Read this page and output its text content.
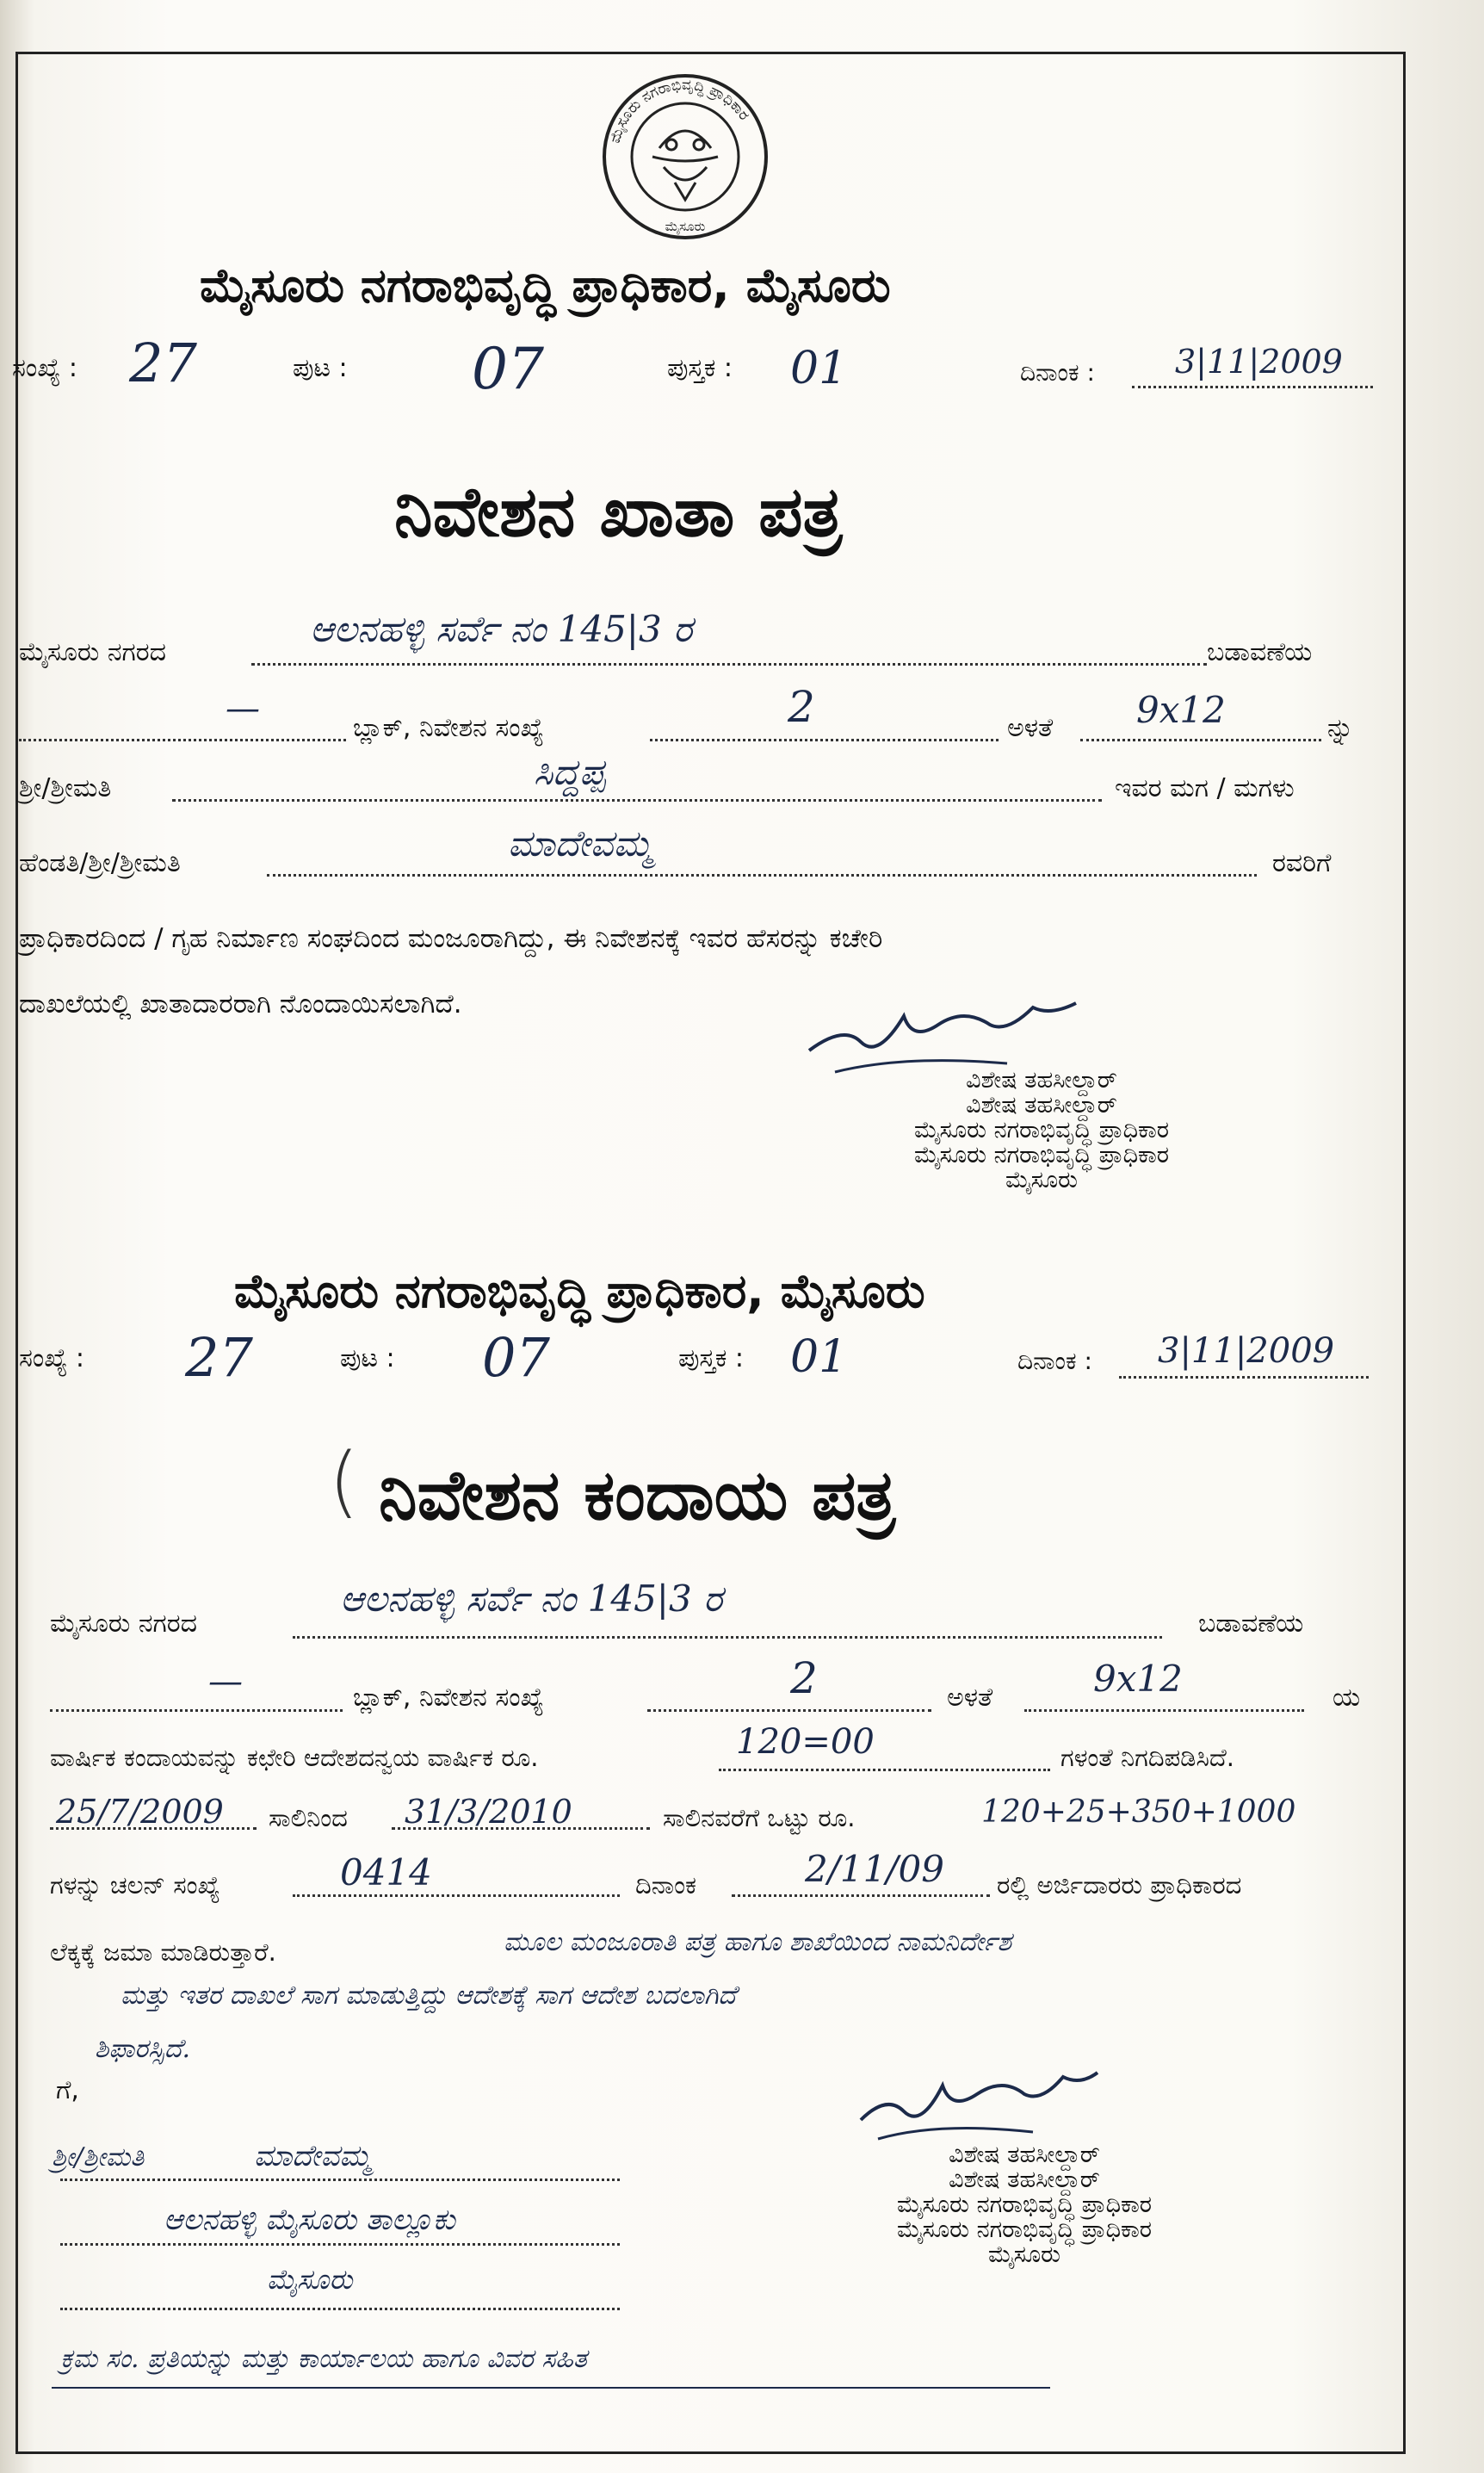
ಮೈಸೂರು ನಗರಾಭಿವೃದ್ಧಿ ಪ್ರಾಧಿಕಾರ
ಮೈಸೂರು
ಮೈಸೂರು ನಗರಾಭಿವೃದ್ಧಿ ಪ್ರಾಧಿಕಾರ, ಮೈಸೂರು
ಸಂಖ್ಯೆ : 27	ಪುಟ : 07	ಪುಸ್ತಕ : 01	ದಿನಾಂಕ : 3|11|2009
ನಿವೇಶನ ಖಾತಾ ಪತ್ರ
ಮೈಸೂರು ನಗರದ
ಆಲನಹಳ್ಳಿ ಸರ್ವೆ ನಂ 145|3 ರ
ಬಡಾವಣೆಯ
—	ಬ್ಲಾಕ್, ನಿವೇಶನ ಸಂಖ್ಯೆ	2	ಅಳತೆ 9x12	ನ್ನು
ಶ್ರೀ/ಶ್ರೀಮತಿ	ಸಿದ್ದಪ್ಪ	ಇವರ ಮಗ / ಮಗಳು
ಹೆಂಡತಿ/ಶ್ರೀ/ಶ್ರೀಮತಿ	ಮಾದೇವಮ್ಮ	ರವರಿಗೆ
ಪ್ರಾಧಿಕಾರದಿಂದ / ಗೃಹ ನಿರ್ಮಾಣ ಸಂಘದಿಂದ ಮಂಜೂರಾಗಿದ್ದು, ಈ ನಿವೇಶನಕ್ಕೆ ಇವರ ಹೆಸರನ್ನು ಕಚೇರಿ
ದಾಖಲೆಯಲ್ಲಿ ಖಾತಾದಾರರಾಗಿ ನೊಂದಾಯಿಸಲಾಗಿದೆ.
ವಿಶೇಷ ತಹಸೀಲ್ದಾರ್
ವಿಶೇಷ ತಹಸೀಲ್ದಾರ್
ಮೈಸೂರು ನಗರಾಭಿವೃದ್ಧಿ ಪ್ರಾಧಿಕಾರ
ಮೈಸೂರು ನಗರಾಭಿವೃದ್ಧಿ ಪ್ರಾಧಿಕಾರ
ಮೈಸೂರು
ಮೈಸೂರು ನಗರಾಭಿವೃದ್ಧಿ ಪ್ರಾಧಿಕಾರ, ಮೈಸೂರು
ಸಂಖ್ಯೆ : 27	ಪುಟ : 07	ಪುಸ್ತಕ : 01	ದಿನಾಂಕ : 3|11|2009
( ನಿವೇಶನ ಕಂದಾಯ ಪತ್ರ
ಮೈಸೂರು ನಗರದ
ಆಲನಹಳ್ಳಿ ಸರ್ವೆ ನಂ 145|3 ರ
ಬಡಾವಣೆಯ
—	ಬ್ಲಾಕ್, ನಿವೇಶನ ಸಂಖ್ಯೆ	2	ಅಳತೆ	9x12	ಯ
ವಾರ್ಷಿಕ ಕಂದಾಯವನ್ನು ಕಛೇರಿ ಆದೇಶದನ್ವಯ ವಾರ್ಷಿಕ ರೂ.	120=00	ಗಳಂತೆ ನಿಗದಿಪಡಿಸಿದೆ.
25/7/2009 ಸಾಲಿನಿಂದ 31/3/2010	ಸಾಲಿನವರೆಗೆ ಒಟ್ಟು ರೂ.	120+25+350+1000
ಗಳನ್ನು ಚಲನ್ ಸಂಖ್ಯೆ	0414	ದಿನಾಂಕ	2/11/09 ರಲ್ಲಿ ಅರ್ಜಿದಾರರು ಪ್ರಾಧಿಕಾರದ
ಲೆಕ್ಕಕ್ಕೆ ಜಮಾ ಮಾಡಿರುತ್ತಾರೆ.	ಮೂಲ ಮಂಜೂರಾತಿ ಪತ್ರ ಹಾಗೂ ಶಾಖೆಯಿಂದ ನಾಮನಿರ್ದೇಶ
ಮತ್ತು ಇತರ ದಾಖಲೆ ಸಾಗ ಮಾಡುತ್ತಿದ್ದು ಆದೇಶಕ್ಕೆ ಸಾಗ ಆದೇಶ ಬದಲಾಗಿದೆ
ಶಿಫಾರಸ್ಸಿದೆ.
ಗೆ,
ಶ್ರೀ/ಶ್ರೀಮತಿ	ಮಾದೇವಮ್ಮ
ಆಲನಹಳ್ಳಿ ಮೈಸೂರು ತಾಲ್ಲೂಕು
ಮೈಸೂರು
ವಿಶೇಷ ತಹಸೀಲ್ದಾರ್
ವಿಶೇಷ ತಹಸೀಲ್ದಾರ್
ಮೈಸೂರು ನಗರಾಭಿವೃದ್ಧಿ ಪ್ರಾಧಿಕಾರ
ಮೈಸೂರು ನಗರಾಭಿವೃದ್ಧಿ ಪ್ರಾಧಿಕಾರ
ಮೈಸೂರು
ಕ್ರಮ ಸಂ. ಪ್ರತಿಯನ್ನು ಮತ್ತು ಕಾರ್ಯಾಲಯ ಹಾಗೂ ವಿವರ ಸಹಿತ
